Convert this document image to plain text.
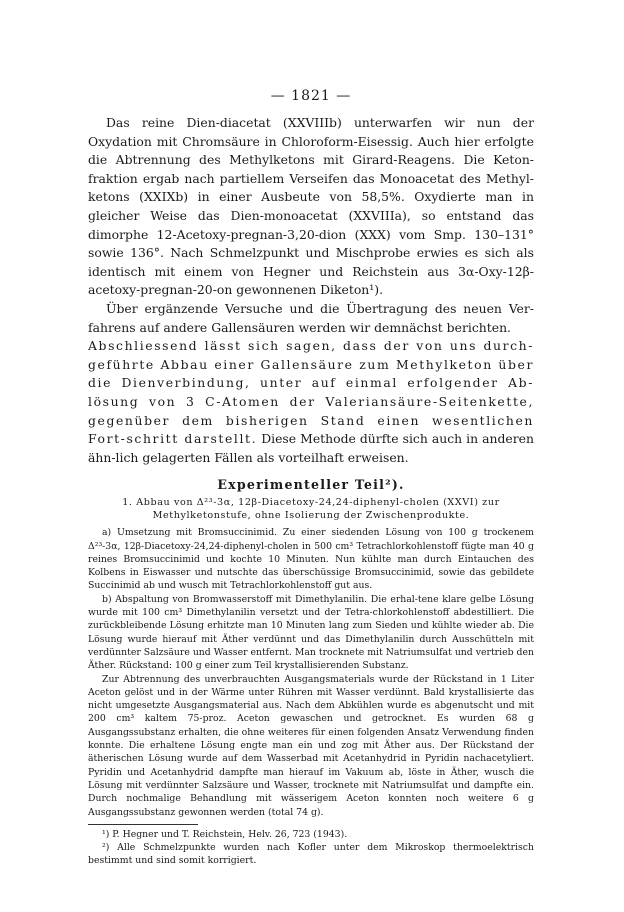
— 1821 —

Das reine Dien-diacetat (XXVIIIb) unterwarfen wir nun der Oxydation mit Chromsäure in Chloroform-Eisessig. Auch hier erfolgte die Abtrennung des Methylketons mit Girard-Reagens. Die Keton-fraktion ergab nach partiellem Verseifen das Monoacetat des Methyl-ketons (XXIXb) in einer Ausbeute von 58,5%. Oxydierte man in gleicher Weise das Dien-monoacetat (XXVIIIa), so entstand das dimorphe 12-Acetoxy-pregnan-3,20-dion (XXX) vom Smp. 130–131° sowie 136°. Nach Schmelzpunkt und Mischprobe erwies es sich als identisch mit einem von Hegner und Reichstein aus 3α-Oxy-12β-acetoxy-pregnan-20-on gewonnenen Diketon¹).
Über ergänzende Versuche und die Übertragung des neuen Ver-fahrens auf andere Gallensäuren werden wir demnächst berichten.
Abschliessend lässt sich sagen, dass der von uns durch-geführte Abbau einer Gallensäure zum Methylketon über die Dienverbindung, unter auf einmal erfolgender Ab-lösung von 3 C-Atomen der Valeriansäure-Seitenkette, gegenüber dem bisherigen Stand einen wesentlichen Fort-schritt darstellt. Diese Methode dürfte sich auch in anderen ähn-lich gelagerten Fällen als vorteilhaft erweisen.

Experimenteller Teil²).
1. Abbau von Δ²³-3α, 12β-Diacetoxy-24,24-diphenyl-cholen (XXVI) zur Methylketonstufe, ohne Isolierung der Zwischenprodukte.
a) Umsetzung mit Bromsuccinimid. Zu einer siedenden Lösung von 100 g trockenem Δ²³-3α, 12β-Diacetoxy-24,24-diphenyl-cholen in 500 cm³ Tetrachlorkohlenstoff fügte man 40 g reines Bromsuccinimid und kochte 10 Minuten. Nun kühlte man durch Eintauchen des Kolbens in Eiswasser und nutschte das überschüssige Bromsuccinimid, sowie das gebildete Succinimid ab und wusch mit Tetrachlorkohlenstoff gut aus.
b) Abspaltung von Bromwasserstoff mit Dimethylanilin. Die erhal-tene klare gelbe Lösung wurde mit 100 cm³ Dimethylanilin versetzt und der Tetra-chlorkohlenstoff abdestilliert. Die zurückbleibende Lösung erhitzte man 10 Minuten lang zum Sieden und kühlte wieder ab. Die Lösung wurde hierauf mit Äther verdünnt und das Dimethylanilin durch Ausschütteln mit verdünnter Salzsäure und Wasser entfernt. Man trocknete mit Natriumsulfat und vertrieb den Äther. Rückstand: 100 g einer zum Teil krystallisierenden Substanz.
Zur Abtrennung des unverbrauchten Ausgangsmaterials wurde der Rückstand in 1 Liter Aceton gelöst und in der Wärme unter Rühren mit Wasser verdünnt. Bald krystallisierte das nicht umgesetzte Ausgangsmaterial aus. Nach dem Abkühlen wurde es abgenutscht und mit 200 cm³ kaltem 75-proz. Aceton gewaschen und getrocknet. Es wurden 68 g Ausgangssubstanz erhalten, die ohne weiteres für einen folgenden Ansatz Verwendung finden konnte. Die erhaltene Lösung engte man ein und zog mit Äther aus. Der Rückstand der ätherischen Lösung wurde auf dem Wasserbad mit Acetanhydrid in Pyridin nachacetyliert. Pyridin und Acetanhydrid dampfte man hierauf im Vakuum ab, löste in Äther, wusch die Lösung mit verdünnter Salzsäure und Wasser, trocknete mit Natriumsulfat und dampfte ein. Durch nochmalige Behandlung mit wässerigem Aceton konnten noch weitere 6 g Ausgangssubstanz gewonnen werden (total 74 g).
¹) P. Hegner und T. Reichstein, Helv. 26, 723 (1943).
²) Alle Schmelzpunkte wurden nach Kofler unter dem Mikroskop thermoelektrisch bestimmt und sind somit korrigiert.
